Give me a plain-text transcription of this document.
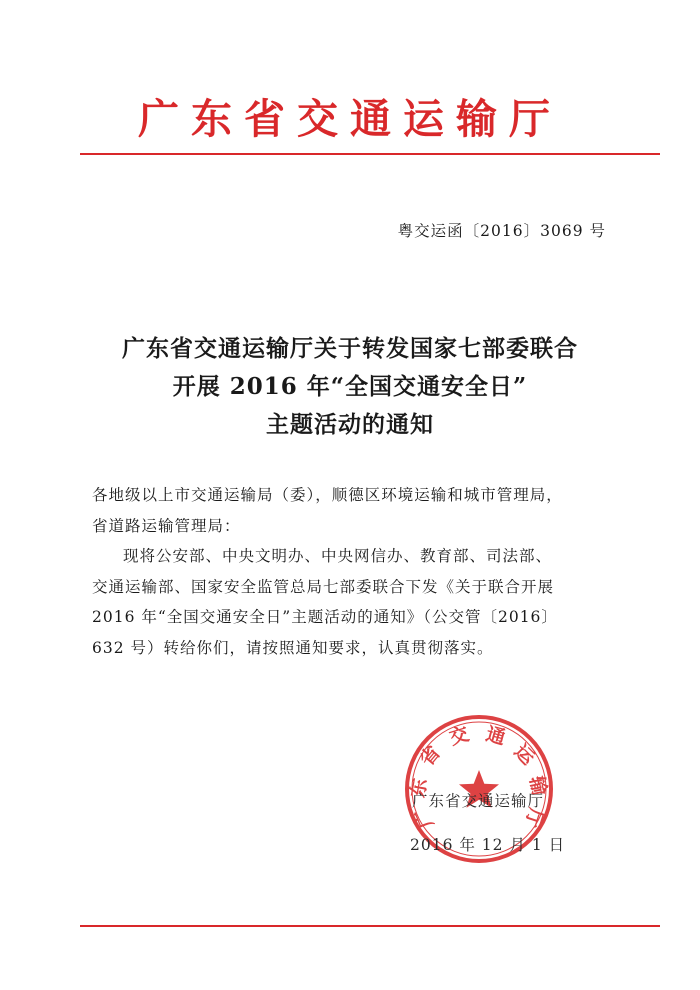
广东省交通运输厅
粤交运函〔2016〕3069 号
广东省交通运输厅关于转发国家七部委联合
开展 2016 年“全国交通安全日”
主题活动的通知

各地级以上市交通运输局（委），顺德区环境运输和城市管理局，

省道路运输管理局：

现将公安部、中央文明办、中央网信办、教育部、司法部、

交通运输部、国家安全监管总局七部委联合下发《关于联合开展

2016 年“全国交通安全日”主题活动的通知》（公交管〔2016〕

632 号）转给你们，请按照通知要求，认真贯彻落实。

广
东
省
交 通
运
输
厅
广东省交通运输厅
2016 年 12 月 1 日
